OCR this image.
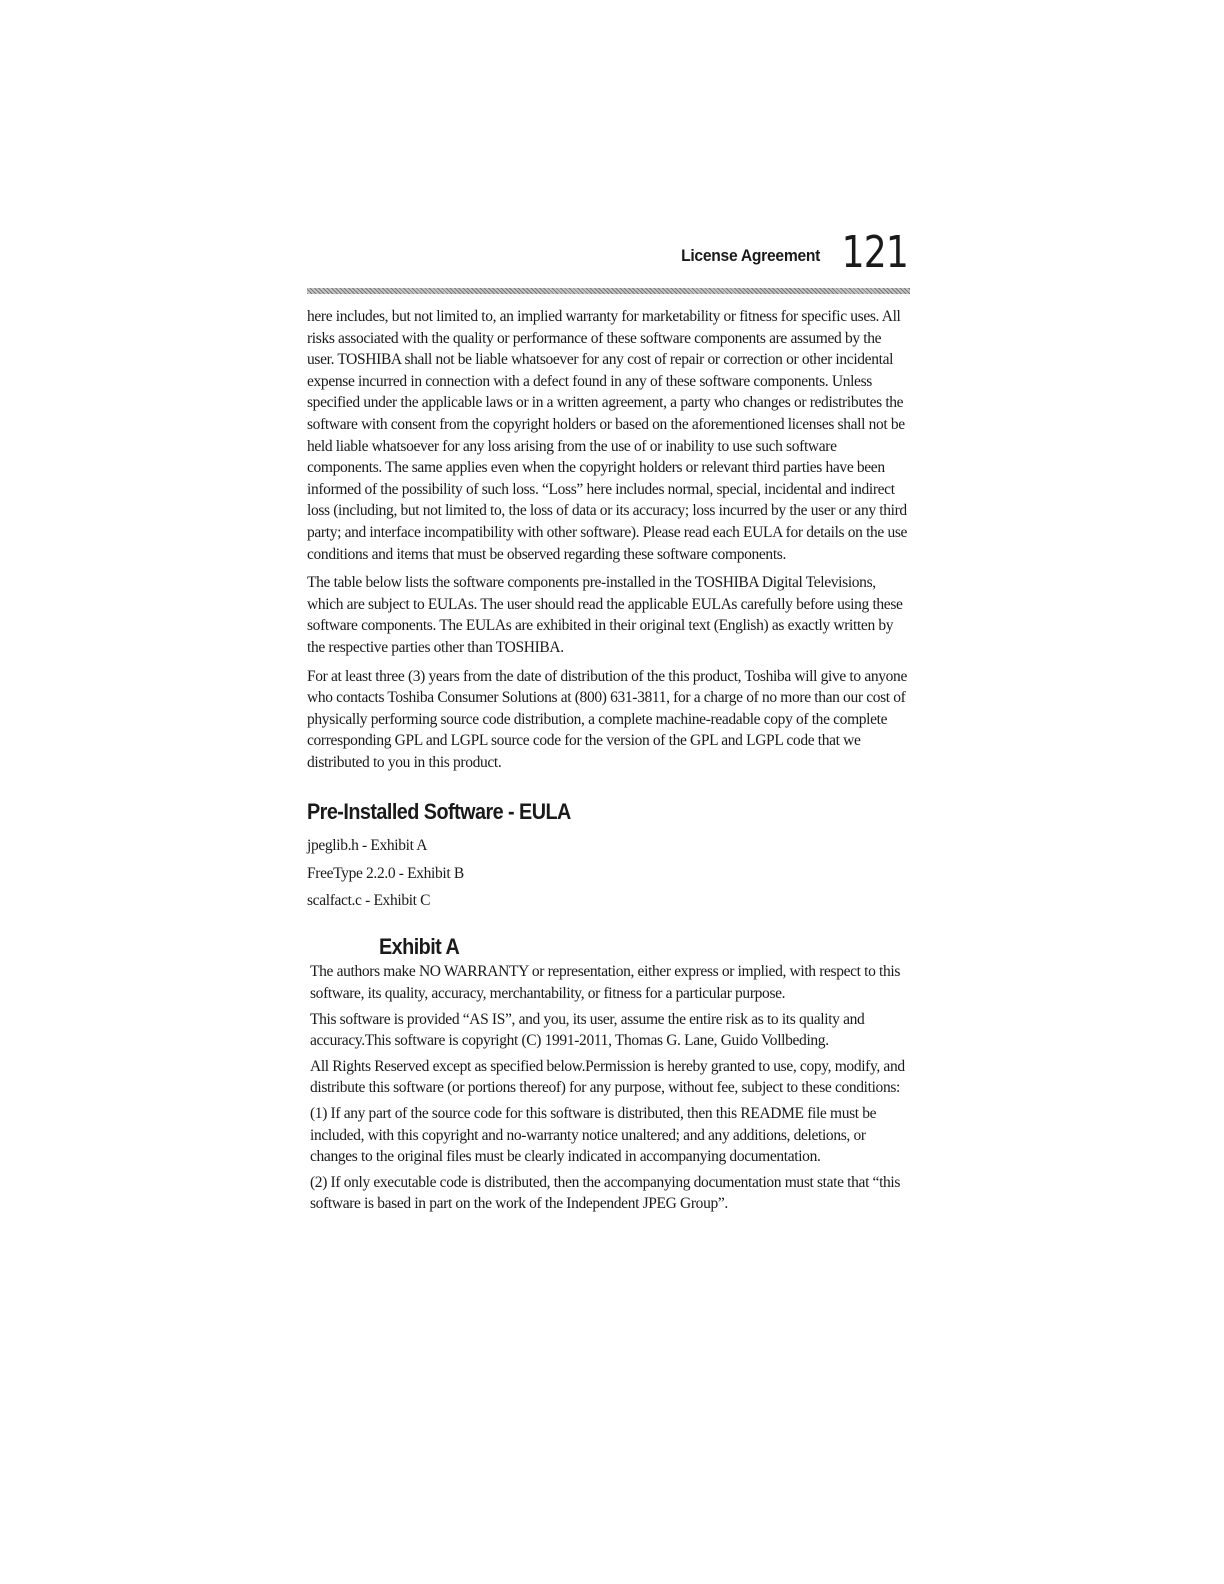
License Agreement 121

here includes, but not limited to, an implied warranty for marketability or fitness for specific uses. All risks associated with the quality or performance of these software components are assumed by the user. TOSHIBA shall not be liable whatsoever for any cost of repair or correction or other incidental expense incurred in connection with a defect found in any of these software components. Unless specified under the applicable laws or in a written agreement, a party who changes or redistributes the software with consent from the copyright holders or based on the aforementioned licenses shall not be held liable whatsoever for any loss arising from the use of or inability to use such software components. The same applies even when the copyright holders or relevant third parties have been informed of the possibility of such loss. “Loss” here includes normal, special, incidental and indirect loss (including, but not limited to, the loss of data or its accuracy; loss incurred by the user or any third party; and interface incompatibility with other software). Please read each EULA for details on the use conditions and items that must be observed regarding these software components.

The table below lists the software components pre-installed in the TOSHIBA Digital Televisions, which are subject to EULAs. The user should read the applicable EULAs carefully before using these software components. The EULAs are exhibited in their original text (English) as exactly written by the respective parties other than TOSHIBA.

For at least three (3) years from the date of distribution of the this product, Toshiba will give to anyone who contacts Toshiba Consumer Solutions at (800) 631-3811, for a charge of no more than our cost of physically performing source code distribution, a complete machine-readable copy of the complete corresponding GPL and LGPL source code for the version of the GPL and LGPL code that we distributed to you in this product.

Pre-Installed Software - EULA

jpeglib.h - Exhibit A

FreeType 2.2.0 - Exhibit B

scalfact.c - Exhibit C

Exhibit A

The authors make NO WARRANTY or representation, either express or implied, with respect to this software, its quality, accuracy, merchantability, or fitness for a particular purpose.

This software is provided “AS IS”, and you, its user, assume the entire risk as to its quality and accuracy.This software is copyright (C) 1991-2011, Thomas G. Lane, Guido Vollbeding.

All Rights Reserved except as specified below.Permission is hereby granted to use, copy, modify, and distribute this software (or portions thereof) for any purpose, without fee, subject to these conditions:

(1) If any part of the source code for this software is distributed, then this README file must be included, with this copyright and no-warranty notice unaltered; and any additions, deletions, or changes to the original files must be clearly indicated in accompanying documentation.

(2) If only executable code is distributed, then the accompanying documentation must state that “this software is based in part on the work of the Independent JPEG Group”.
